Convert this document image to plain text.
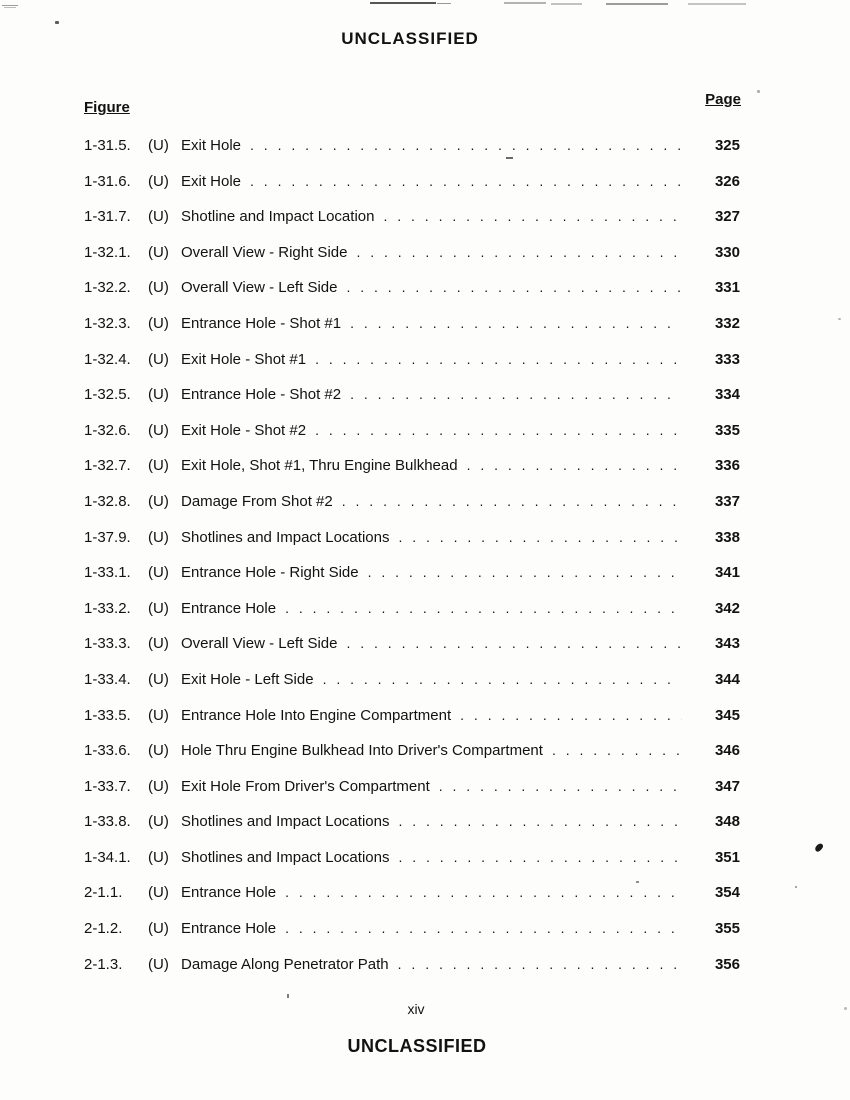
UNCLASSIFIED
Figure	Page
1-31.5.	(U) Exit Hole . . .	325
1-31.6.	(U) Exit Hole . . .	326
1-31.7.	(U) Shotline and Impact Location . . .	327
1-32.1.	(U) Overall View - Right Side . . .	330
1-32.2.	(U) Overall View - Left Side . . .	331
1-32.3.	(U) Entrance Hole - Shot #1 . . .	332
1-32.4.	(U) Exit Hole - Shot #1 . . .	333
1-32.5.	(U) Entrance Hole - Shot #2 . . .	334
1-32.6.	(U) Exit Hole - Shot #2 . . .	335
1-32.7.	(U) Exit Hole, Shot #1, Thru Engine Bulkhead . . .	336
1-32.8.	(U) Damage From Shot #2 . . .	337
1-37.9.	(U) Shotlines and Impact Locations . . .	338
1-33.1.	(U) Entrance Hole - Right Side . . .	341
1-33.2.	(U) Entrance Hole . . .	342
1-33.3.	(U) Overall View - Left Side . . .	343
1-33.4.	(U) Exit Hole - Left Side . . .	344
1-33.5.	(U) Entrance Hole Into Engine Compartment . . .	345
1-33.6.	(U) Hole Thru Engine Bulkhead Into Driver's Compartment . . .	346
1-33.7.	(U) Exit Hole From Driver's Compartment . . .	347
1-33.8.	(U) Shotlines and Impact Locations . . .	348
1-34.1.	(U) Shotlines and Impact Locations . . .	351
2-1.1.	(U) Entrance Hole . . .	354
2-1.2.	(U) Entrance Hole . . .	355
2-1.3.	(U) Damage Along Penetrator Path . . .	356
xiv
UNCLASSIFIED
